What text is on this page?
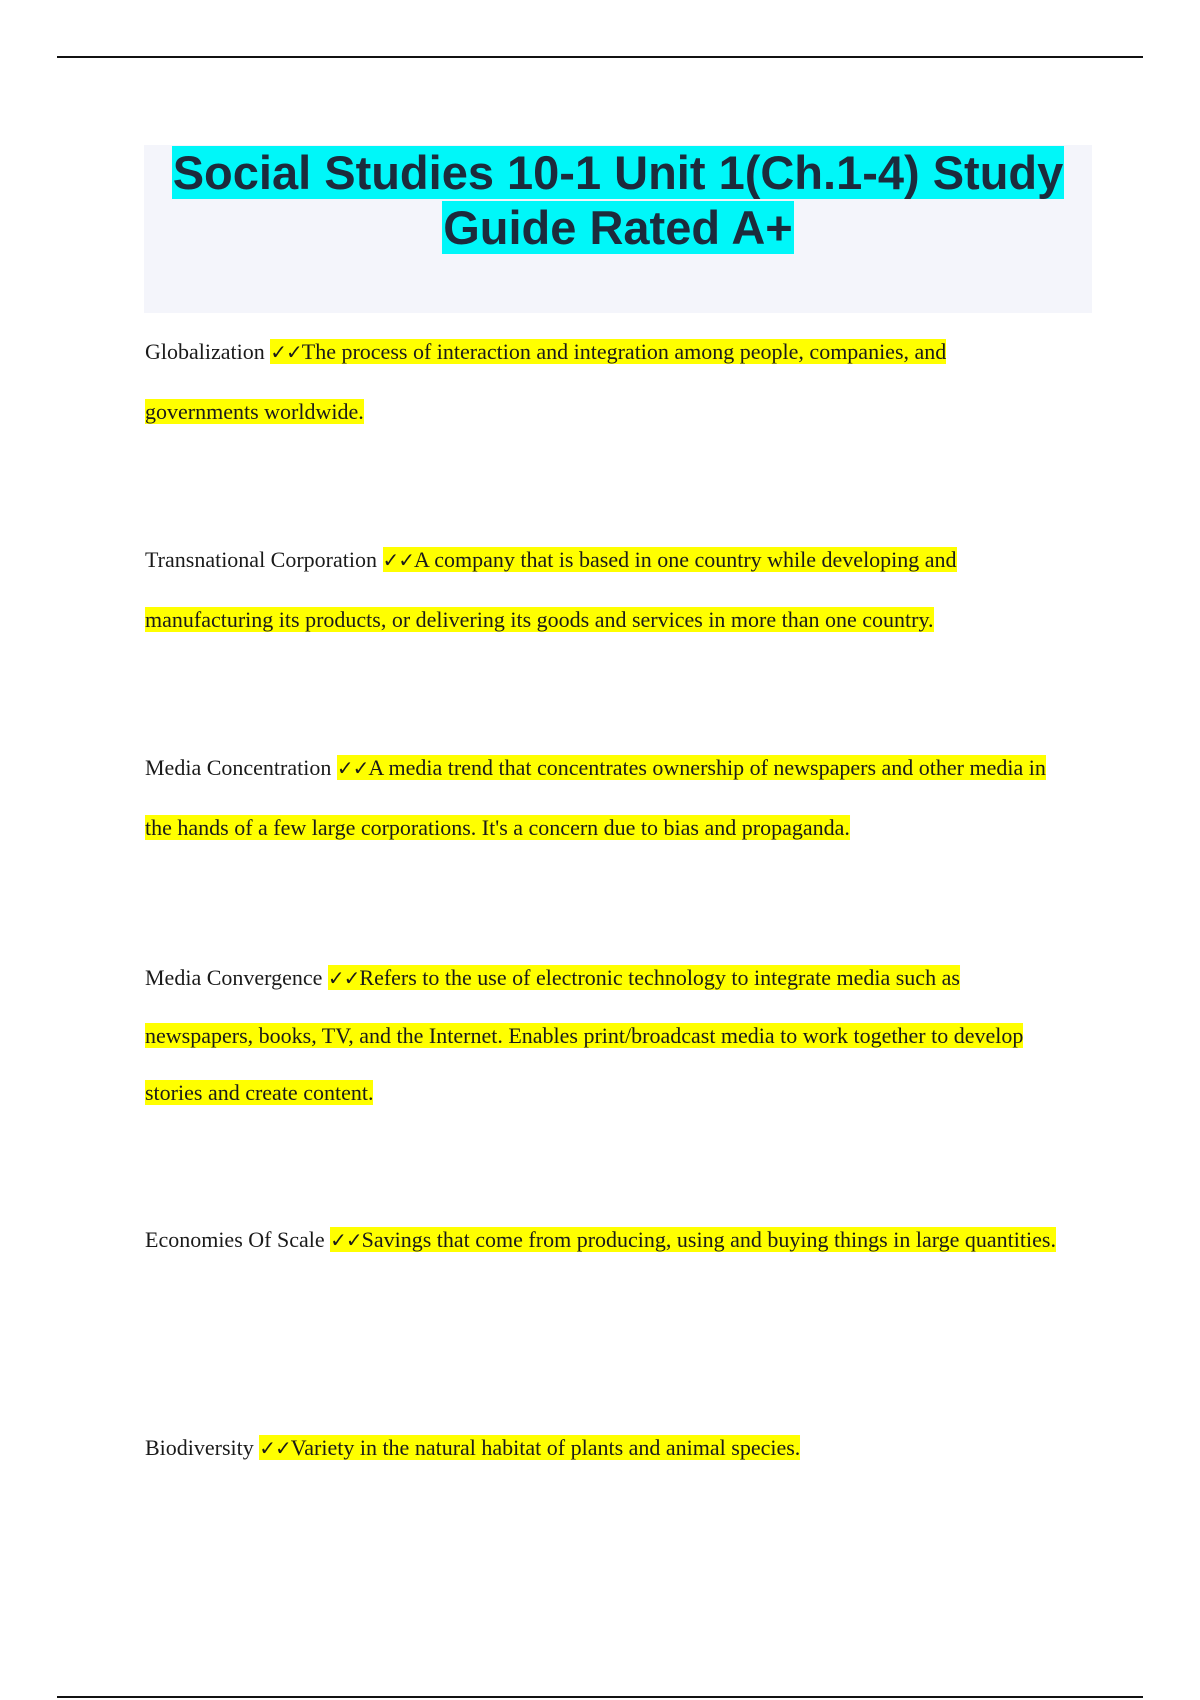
Social Studies 10-1 Unit 1(Ch.1-4) Study
Guide Rated A+

Globalization ✓✓The process of interaction and integration among people, companies, and governments worldwide.

Transnational Corporation ✓✓A company that is based in one country while developing and manufacturing its products, or delivering its goods and services in more than one country.

Media Concentration ✓✓A media trend that concentrates ownership of newspapers and other media in the hands of a few large corporations. It's a concern due to bias and propaganda.

Media Convergence ✓✓Refers to the use of electronic technology to integrate media such as newspapers, books, TV, and the Internet. Enables print/broadcast media to work together to develop stories and create content.

Economies Of Scale ✓✓Savings that come from producing, using and buying things in large quantities.

Biodiversity ✓✓Variety in the natural habitat of plants and animal species.
